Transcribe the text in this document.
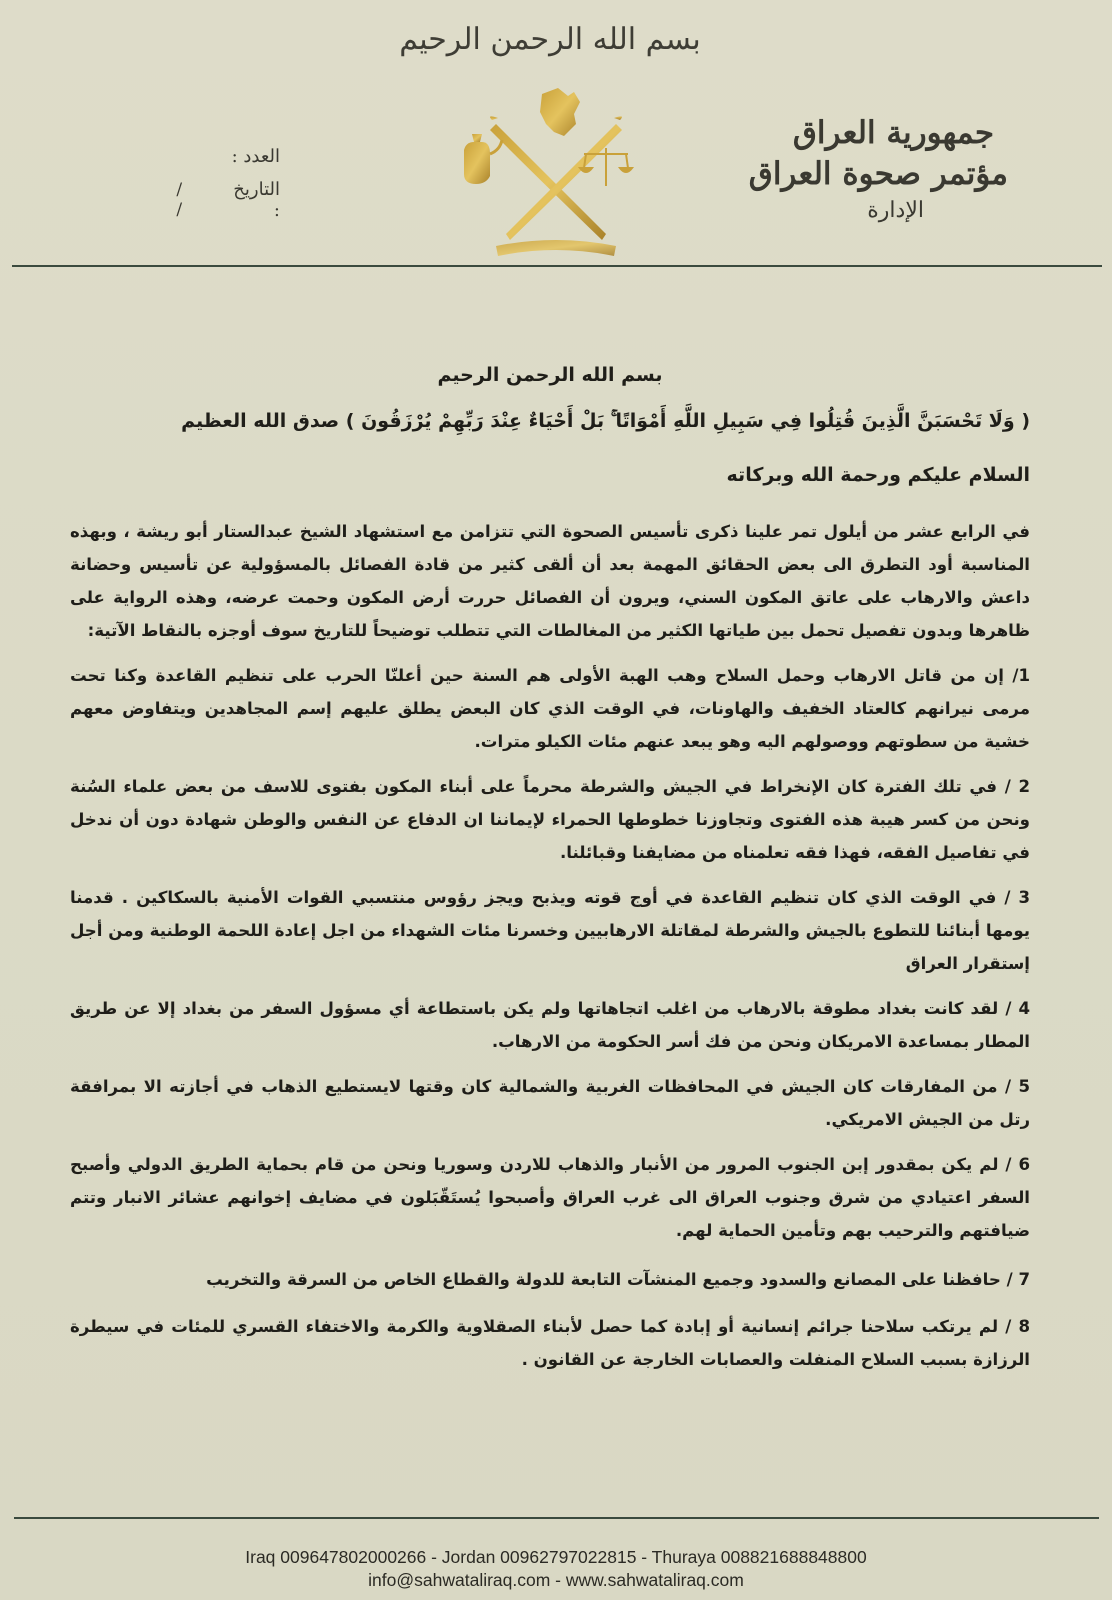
بسم الله الرحمن الرحيم
جمهورية العراق
مؤتمر صحوة العراق
الإدارة
العدد :
التاريخ :
/ /
بسم الله الرحمن الرحيم
( وَلَا تَحْسَبَنَّ الَّذِينَ قُتِلُوا فِي سَبِيلِ اللَّهِ أَمْوَاتًا ۚ بَلْ أَحْيَاءٌ عِنْدَ رَبِّهِمْ يُرْزَقُونَ ) صدق الله العظيم
السلام عليكم ورحمة الله وبركاته

في الرابع عشر من أيلول تمر علينا ذكرى تأسيس الصحوة التي تتزامن مع استشهاد الشيخ عبدالستار أبو ريشة ، وبهذه المناسبة أود التطرق الى بعض الحقائق المهمة بعد أن ألقى كثير من قادة الفصائل بالمسؤولية عن تأسيس وحضانة داعش والارهاب على عاتق المكون السني، ويرون أن الفصائل حررت أرض المكون وحمت عرضه، وهذه الرواية على ظاهرها وبدون تفصيل تحمل بين طياتها الكثير من المغالطات التي تتطلب توضيحاً للتاريخ سوف أوجزه بالنقاط الآتية:

1/ إن من قاتل الارهاب وحمل السلاح وهب الهبة الأولى هم السنة حين أعلنّا الحرب على تنظيم القاعدة وكنا تحت مرمى نيرانهم كالعتاد الخفيف والهاونات، في الوقت الذي كان البعض يطلق عليهم إسم المجاهدين ويتفاوض معهم خشية من سطوتهم ووصولهم اليه وهو يبعد عنهم مئات الكيلو مترات.

2 / في تلك الفترة كان الإنخراط في الجيش والشرطة محرماً على أبناء المكون بفتوى للاسف من بعض علماء السُنة ونحن من كسر هيبة هذه الفتوى وتجاوزنا خطوطها الحمراء لإيماننا ان الدفاع عن النفس والوطن شهادة دون أن ندخل في تفاصيل الفقه، فهذا فقه تعلمناه من مضايفنا وقبائلنا.

3 / في الوقت الذي كان تنظيم القاعدة في أوج قوته ويذبح ويجز رؤوس منتسبي القوات الأمنية بالسكاكين . قدمنا يومها أبنائنا للتطوع بالجيش والشرطة لمقاتلة الارهابيين وخسرنا مئات الشهداء من اجل إعادة اللحمة الوطنية ومن أجل إستقرار العراق

4 / لقد كانت بغداد مطوقة بالارهاب من اغلب اتجاهاتها ولم يكن باستطاعة أي مسؤول السفر من بغداد إلا عن طريق المطار بمساعدة الامريكان ونحن من فك أسر الحكومة من الارهاب.

5 / من المفارقات كان الجيش في المحافظات الغربية والشمالية كان وقتها لايستطيع الذهاب في أجازته الا بمرافقة رتل من الجيش الامريكي.

6 / لم يكن بمقدور إبن الجنوب المرور من الأنبار والذهاب للاردن وسوريا ونحن من قام بحماية الطريق الدولي وأصبح السفر اعتيادي من شرق وجنوب العراق الى غرب العراق وأصبحوا يُستَقّبَلون في مضايف إخوانهم عشائر الانبار وتتم ضيافتهم والترحيب بهم وتأمين الحماية لهم.

7 / حافظنا على المصانع والسدود وجميع المنشآت التابعة للدولة والقطاع الخاص من السرقة والتخريب

8 / لم يرتكب سلاحنا جرائم إنسانية أو إبادة كما حصل لأبناء الصقلاوية والكرمة والاختفاء القسري للمئات في سيطرة الرزازة بسبب السلاح المنفلت والعصابات الخارجة عن القانون .

Iraq 009647802000266 - Jordan 00962797022815 - Thuraya 008821688848800
info@sahwataliraq.com - www.sahwataliraq.com
